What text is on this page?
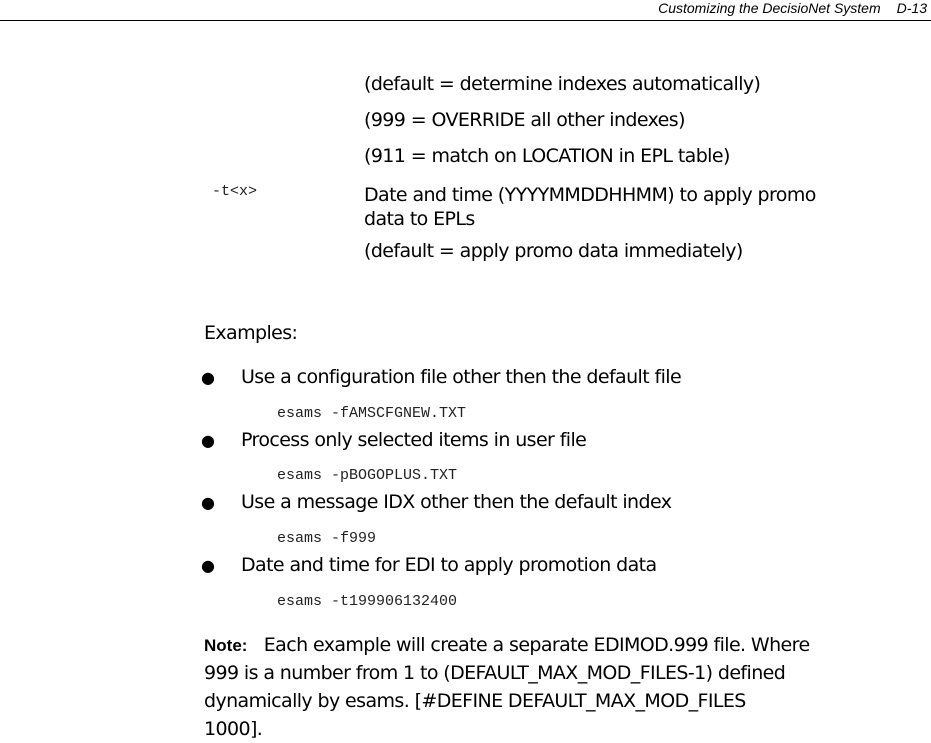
Customizing the DecisioNet System D-13
(default = determine indexes automatically)
(999 = OVERRIDE all other indexes)
(911 = match on LOCATION in EPL table)
-t<x>	Date and time (YYYYMMDDHHMM) to apply promo
data to EPLs
(default = apply promo data immediately)
Examples:
● Use a configuration file other then the default file
esams -fAMSCFGNEW.TXT
● Process only selected items in user file
esams -pBOGOPLUS.TXT
● Use a message IDX other then the default index
esams -f999
● Date and time for EDI to apply promotion data
esams -t199906132400
Note: Each example will create a separate EDIMOD.999 file. Where
999 is a number from 1 to (DEFAULT_MAX_MOD_FILES-1) defined
dynamically by esams. [#DEFINE DEFAULT_MAX_MOD_FILES
1000].
